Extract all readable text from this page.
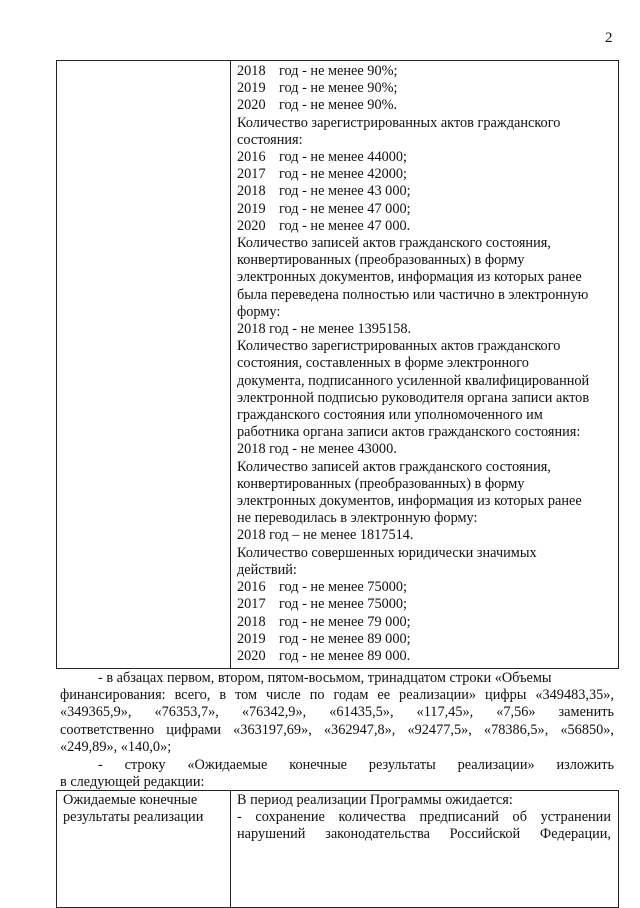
2
2018 год - не менее 90%;
2019 год - не менее 90%;
2020 год - не менее 90%.
Количество зарегистрированных актов гражданского
состояния:
2016 год - не менее 44000;
2017 год - не менее 42000;
2018 год - не менее 43 000;
2019 год - не менее 47 000;
2020 год - не менее 47 000.
Количество записей актов гражданского состояния,
конвертированных (преобразованных) в форму
электронных документов, информация из которых ранее
была переведена полностью или частично в электронную
форму:
2018 год - не менее 1395158.
Количество зарегистрированных актов гражданского
состояния, составленных в форме электронного
документа, подписанного усиленной квалифицированной
электронной подписью руководителя органа записи актов
гражданского состояния или уполномоченного им
работника органа записи актов гражданского состояния:
2018 год - не менее 43000.
Количество записей актов гражданского состояния,
конвертированных (преобразованных) в форму
электронных документов, информация из которых ранее
не переводилась в электронную форму:
2018 год – не менее 1817514.
Количество совершенных юридически значимых
действий:
2016 год - не менее 75000;
2017 год - не менее 75000;
2018 год - не менее 79 000;
2019 год - не менее 89 000;
2020 год - не менее 89 000.
- в абзацах первом, втором, пятом-восьмом, тринадцатом строки «Объемы
финансирования: всего, в том числе по годам ее реализации» цифры «349483,35»,
«349365,9», «76353,7», «76342,9», «61435,5», «117,45», «7,56» заменить
соответственно цифрами «363197,69», «362947,8», «92477,5», «78386,5», «56850»,
«249,89», «140,0»;
- строку «Ожидаемые конечные результаты реализации» изложить
в следующей редакции:
Ожидаемые конечные
результаты реализации
В период реализации Программы ожидается:
- сохранение количества предписаний об устранении
нарушений законодательства Российской Федерации,
